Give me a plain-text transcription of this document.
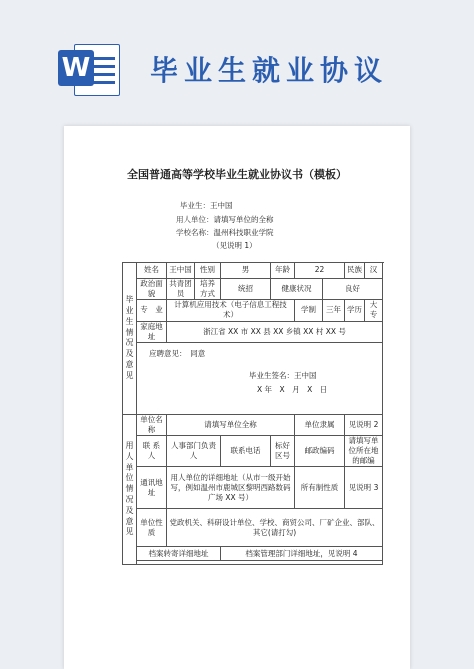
W 毕业生就业协议
全国普通高等学校毕业生就业协议书（模板）
毕业生：王中国
用人单位：请填写单位的全称
学校名称：温州科技职业学院
（见说明 1）
毕业生情况及意见	姓名	王中国	性别	男	年龄	22		民族	汉
	政治面貌	共青团员	培养方式	统招	健康状况		良好		
	专　业	计算机应用技术（电子信息工程技术）				学制	三年	学历	大专
	家庭地址	浙江省 XX 市 XX 县 XX 乡镇 XX 村 XX 号							

	应聘意见：　 同意
毕业生签名：王中国
X 年　X　月　X　日								

用人单位情况及意见	单位名称	请填写单位全称				单位隶属		见说明 2	
	联 系 人	人事部门负责人		联系电话	标好区号	邮政编码		请填写单位所在地的邮编	
	通讯地址	用人单位的详细地址（从市一级开始写，例如温州市鹿城区黎明西路数码广场 XX 号）				所有制性质		见说明 3	
	单位性质	党政机关、科研设计单位、学校、商贸公司、厂矿企业、部队、其它(请打勾)							
	档案转寄详细地址			档案管理部门详细地址，见说明 4					
